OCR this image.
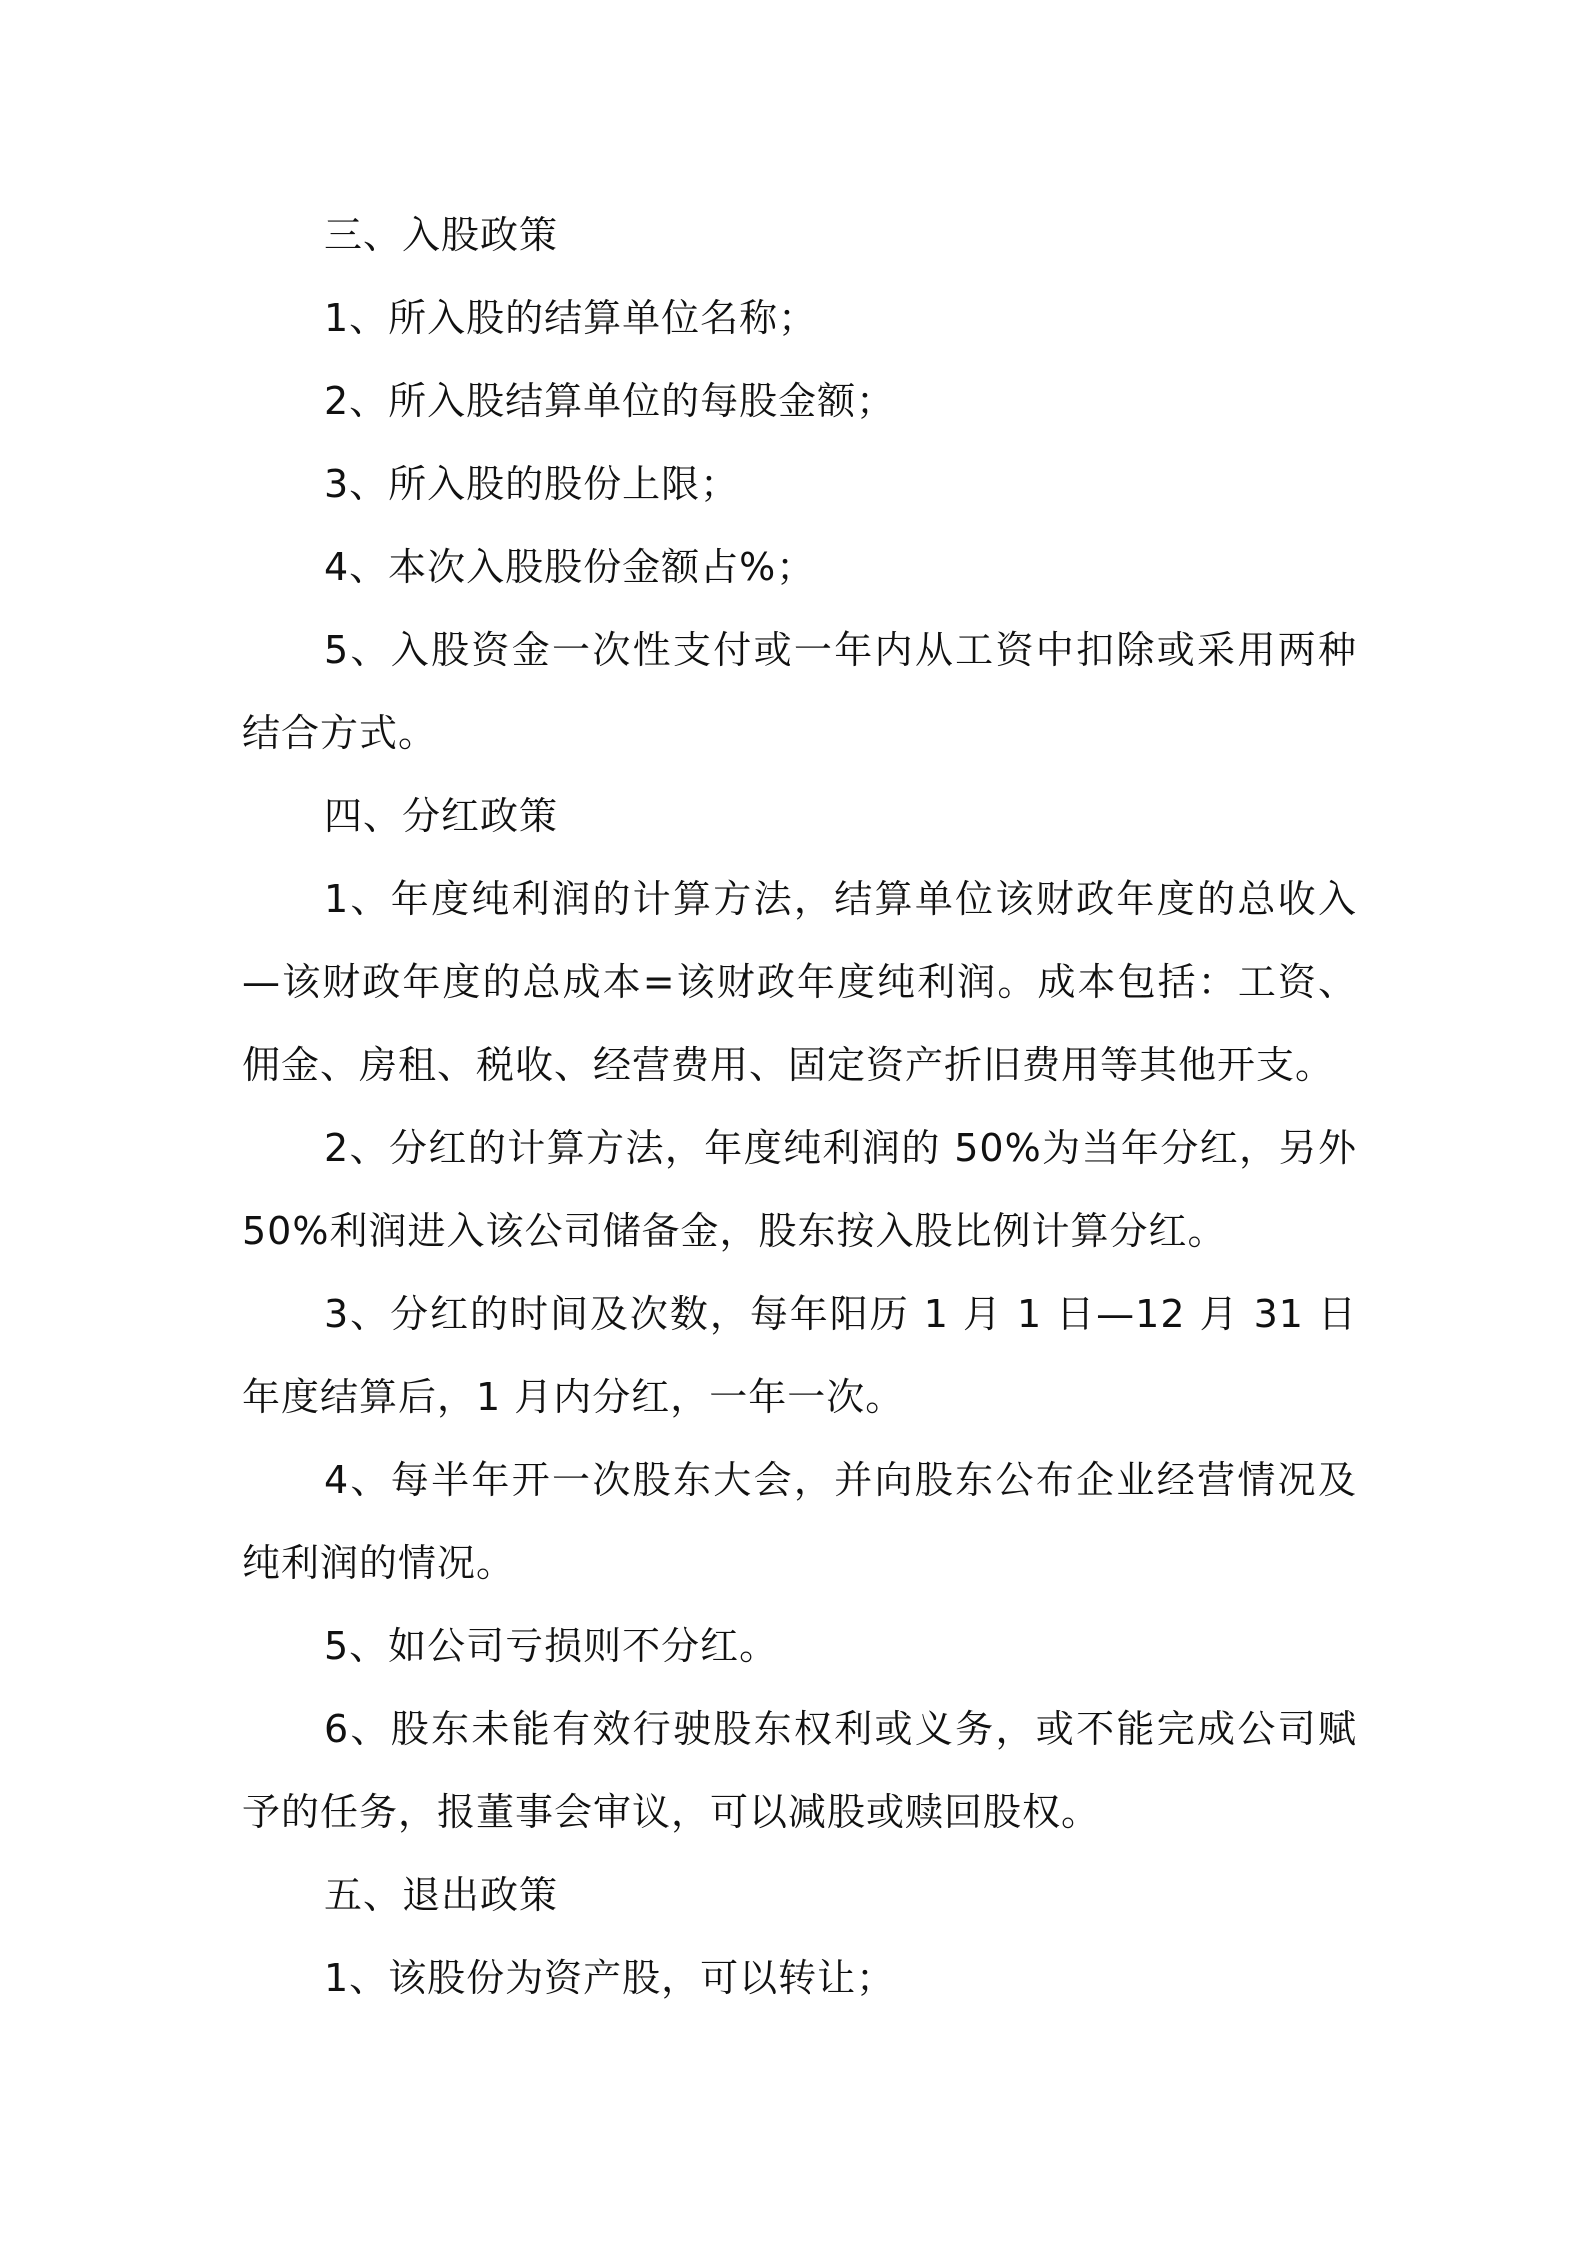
三、入股政策

1、所入股的结算单位名称；

2、所入股结算单位的每股金额；

3、所入股的股份上限；

4、本次入股股份金额占%；

5、入股资金一次性支付或一年内从工资中扣除或采用两种结合方式。

四、分红政策

1、年度纯利润的计算方法，结算单位该财政年度的总收入—该财政年度的总成本=该财政年度纯利润。成本包括：工资、佣金、房租、税收、经营费用、固定资产折旧费用等其他开支。

2、分红的计算方法，年度纯利润的 50%为当年分红，另外50%利润进入该公司储备金，股东按入股比例计算分红。

3、分红的时间及次数，每年阳历 1 月 1 日—12 月 31 日年度结算后，1 月内分红，一年一次。

4、每半年开一次股东大会，并向股东公布企业经营情况及纯利润的情况。

5、如公司亏损则不分红。

6、股东未能有效行驶股东权利或义务，或不能完成公司赋予的任务，报董事会审议，可以减股或赎回股权。

五、退出政策

1、该股份为资产股，可以转让；
